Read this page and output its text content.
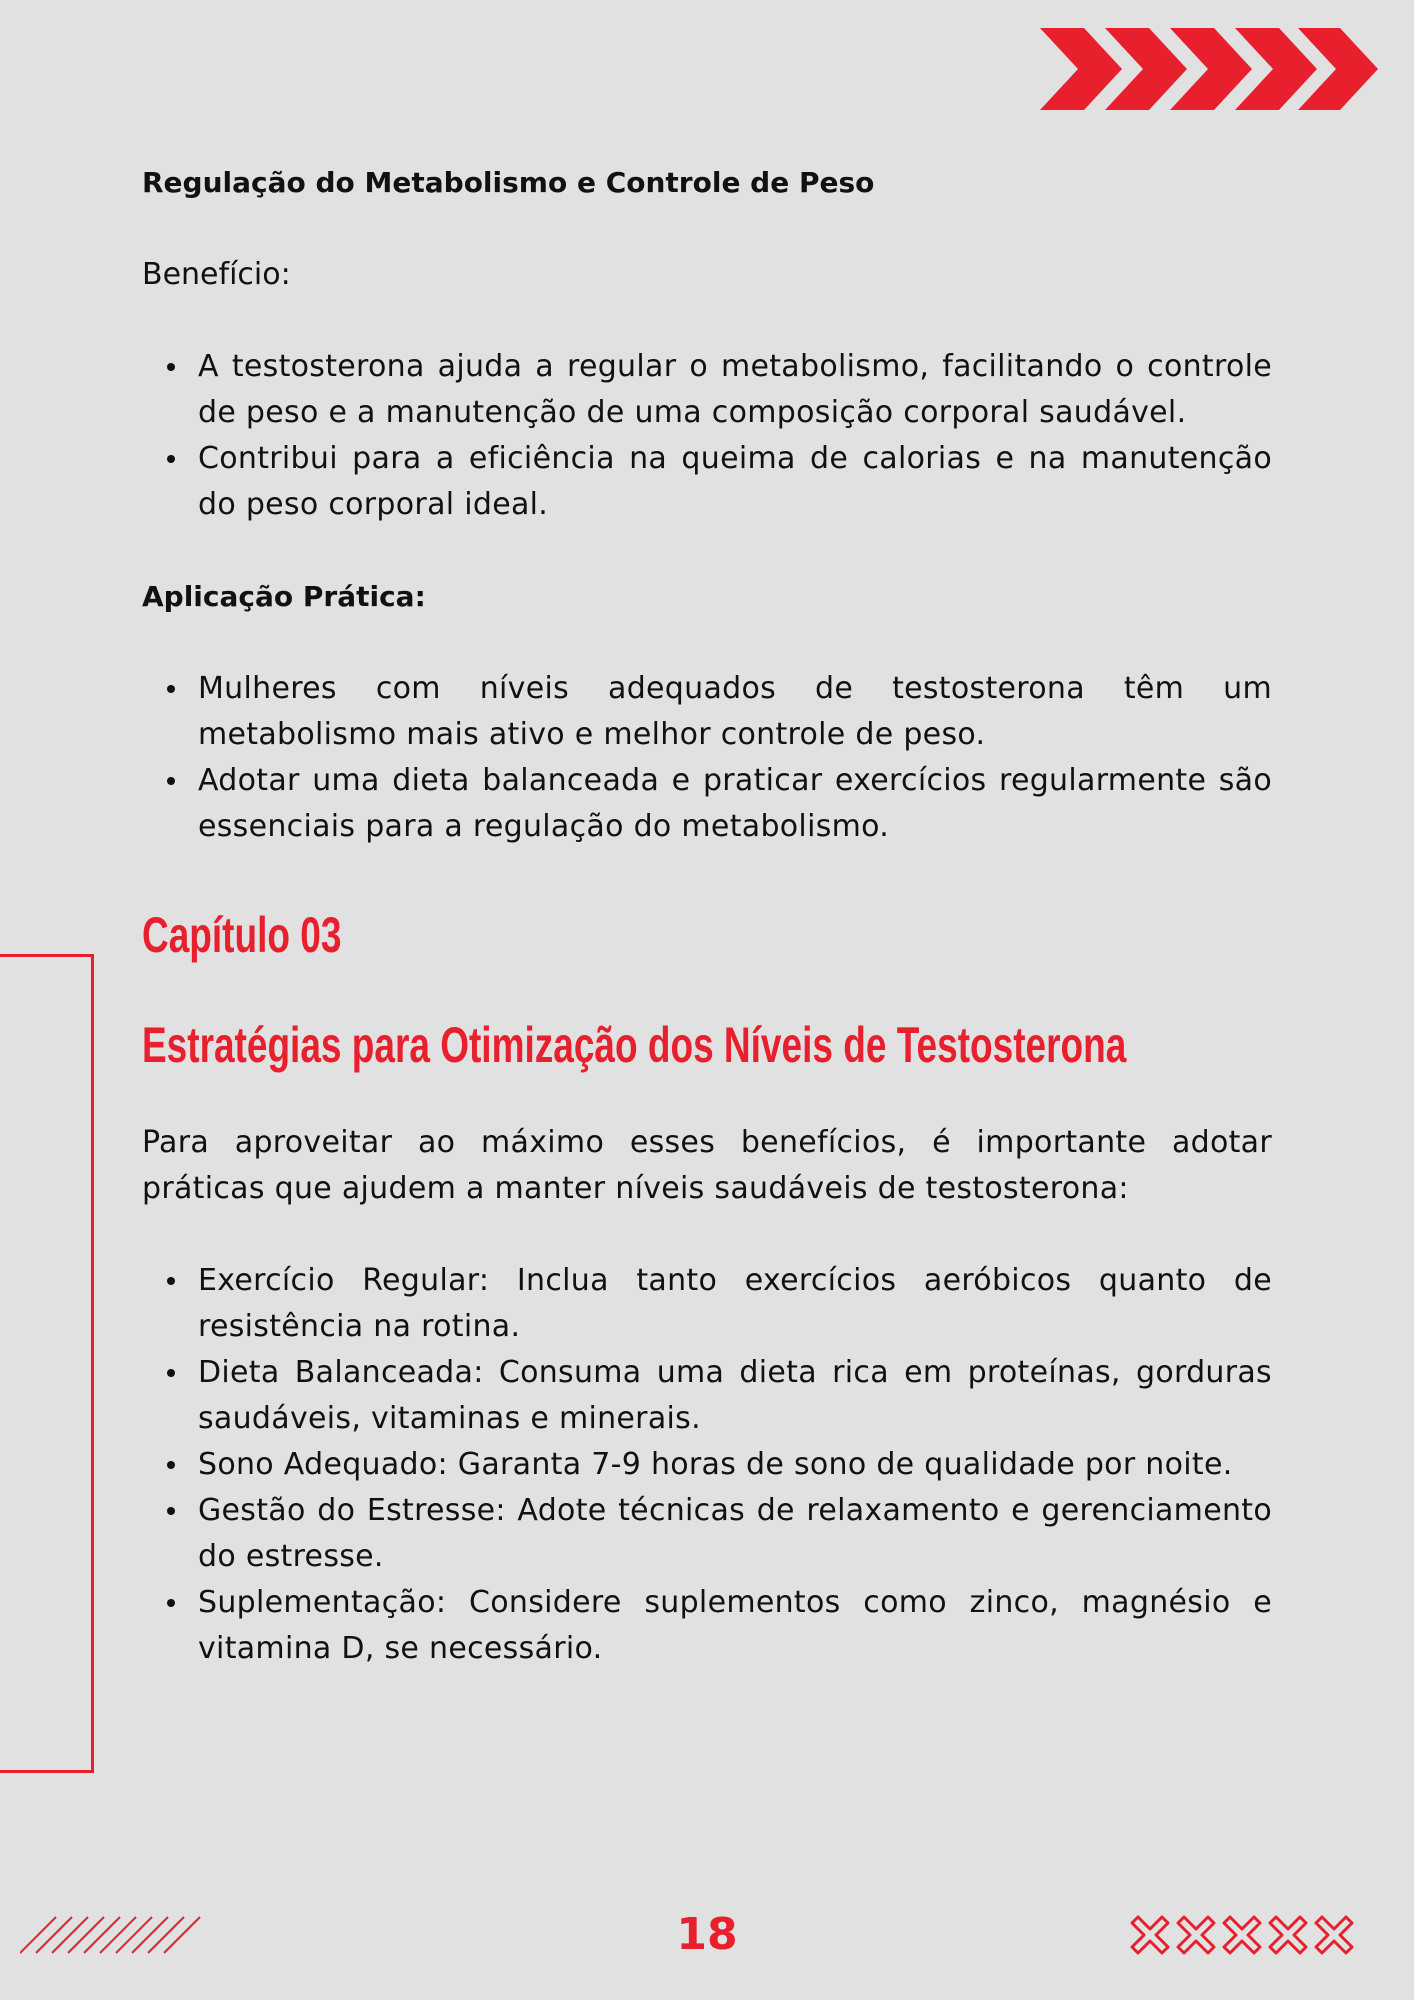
Regulação do Metabolismo e Controle de Peso

Benefício:

A testosterona ajuda a regular o metabolismo, facilitando o controle de peso e a manutenção de uma composição corporal saudável.
Contribui para a eficiência na queima de calorias e na manutenção do peso corporal ideal.

Aplicação Prática:

Mulheres com níveis adequados de testosterona têm um metabolismo mais ativo e melhor controle de peso.
Adotar uma dieta balanceada e praticar exercícios regularmente são essenciais para a regulação do metabolismo.
Capítulo 03
Estratégias para Otimização dos Níveis de Testosterona

Para aproveitar ao máximo esses benefícios, é importante adotar práticas que ajudem a manter níveis saudáveis de testosterona:

Exercício Regular: Inclua tanto exercícios aeróbicos quanto de resistência na rotina.
Dieta Balanceada: Consuma uma dieta rica em proteínas, gorduras saudáveis, vitaminas e minerais.
Sono Adequado: Garanta 7-9 horas de sono de qualidade por noite.
Gestão do Estresse: Adote técnicas de relaxamento e gerenciamento do estresse.
Suplementação: Considere suplementos como zinco, magnésio e vitamina D, se necessário.
18
